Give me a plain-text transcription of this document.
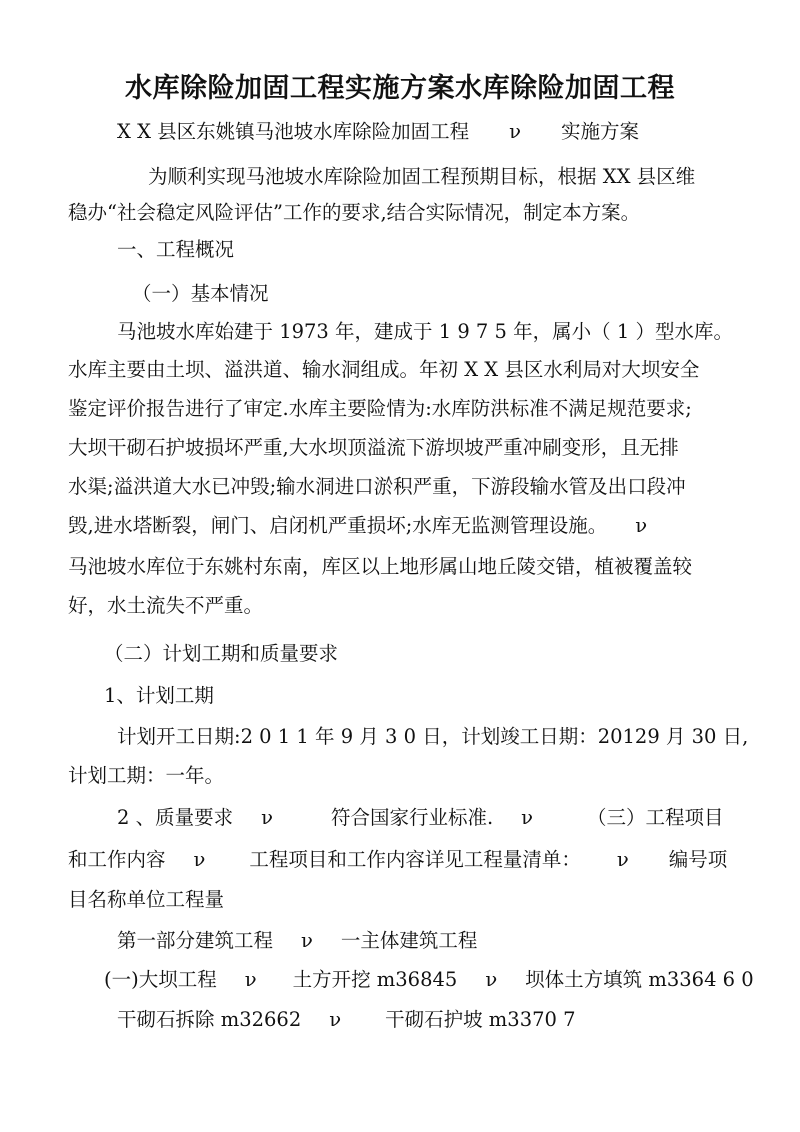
水库除险加固工程实施方案水库除险加固工程
X X 县区东姚镇马池坡水库除险加固工程 ν 实施方案
为顺利实现马池坡水库除险加固工程预期目标，根据 XX 县区维
稳办“社会稳定风险评估”工作的要求,结合实际情况，制定本方案。
一、工程概况
（一）基本情况
马池坡水库始建于 1973 年，建成于 1 9 7 5 年，属小（ 1 ）型水库。
水库主要由土坝、溢洪道、输水洞组成。年初 X X 县区水利局对大坝安全
鉴定评价报告进行了审定.水库主要险情为:水库防洪标准不满足规范要求;
大坝干砌石护坡损坏严重,大水坝顶溢流下游坝坡严重冲刷变形，且无排
水渠;溢洪道大水已冲毁;输水洞进口淤积严重，下游段输水管及出口段冲
毁,进水塔断裂，闸门、启闭机严重损坏;水库无监测管理设施。 ν
马池坡水库位于东姚村东南，库区以上地形属山地丘陵交错，植被覆盖较
好，水土流失不严重。
（二）计划工期和质量要求
1、计划工期
计划开工日期:2 0 1 1 年 9 月 3 0 日，计划竣工日期：20129 月 30 日,
计划工期：一年。
2 、质量要求 ν	符合国家行业标准. ν	（三）工程项目
和工作内容 ν 工程项目和工作内容详见工程量清单： ν 编号项
目名称单位工程量
第一部分建筑工程 ν 一主体建筑工程
(一)大坝工程 ν 土方开挖 m36845 ν 坝体土方填筑 m3364 6 0
干砌石拆除 m32662 ν 干砌石护坡 m3370 7
